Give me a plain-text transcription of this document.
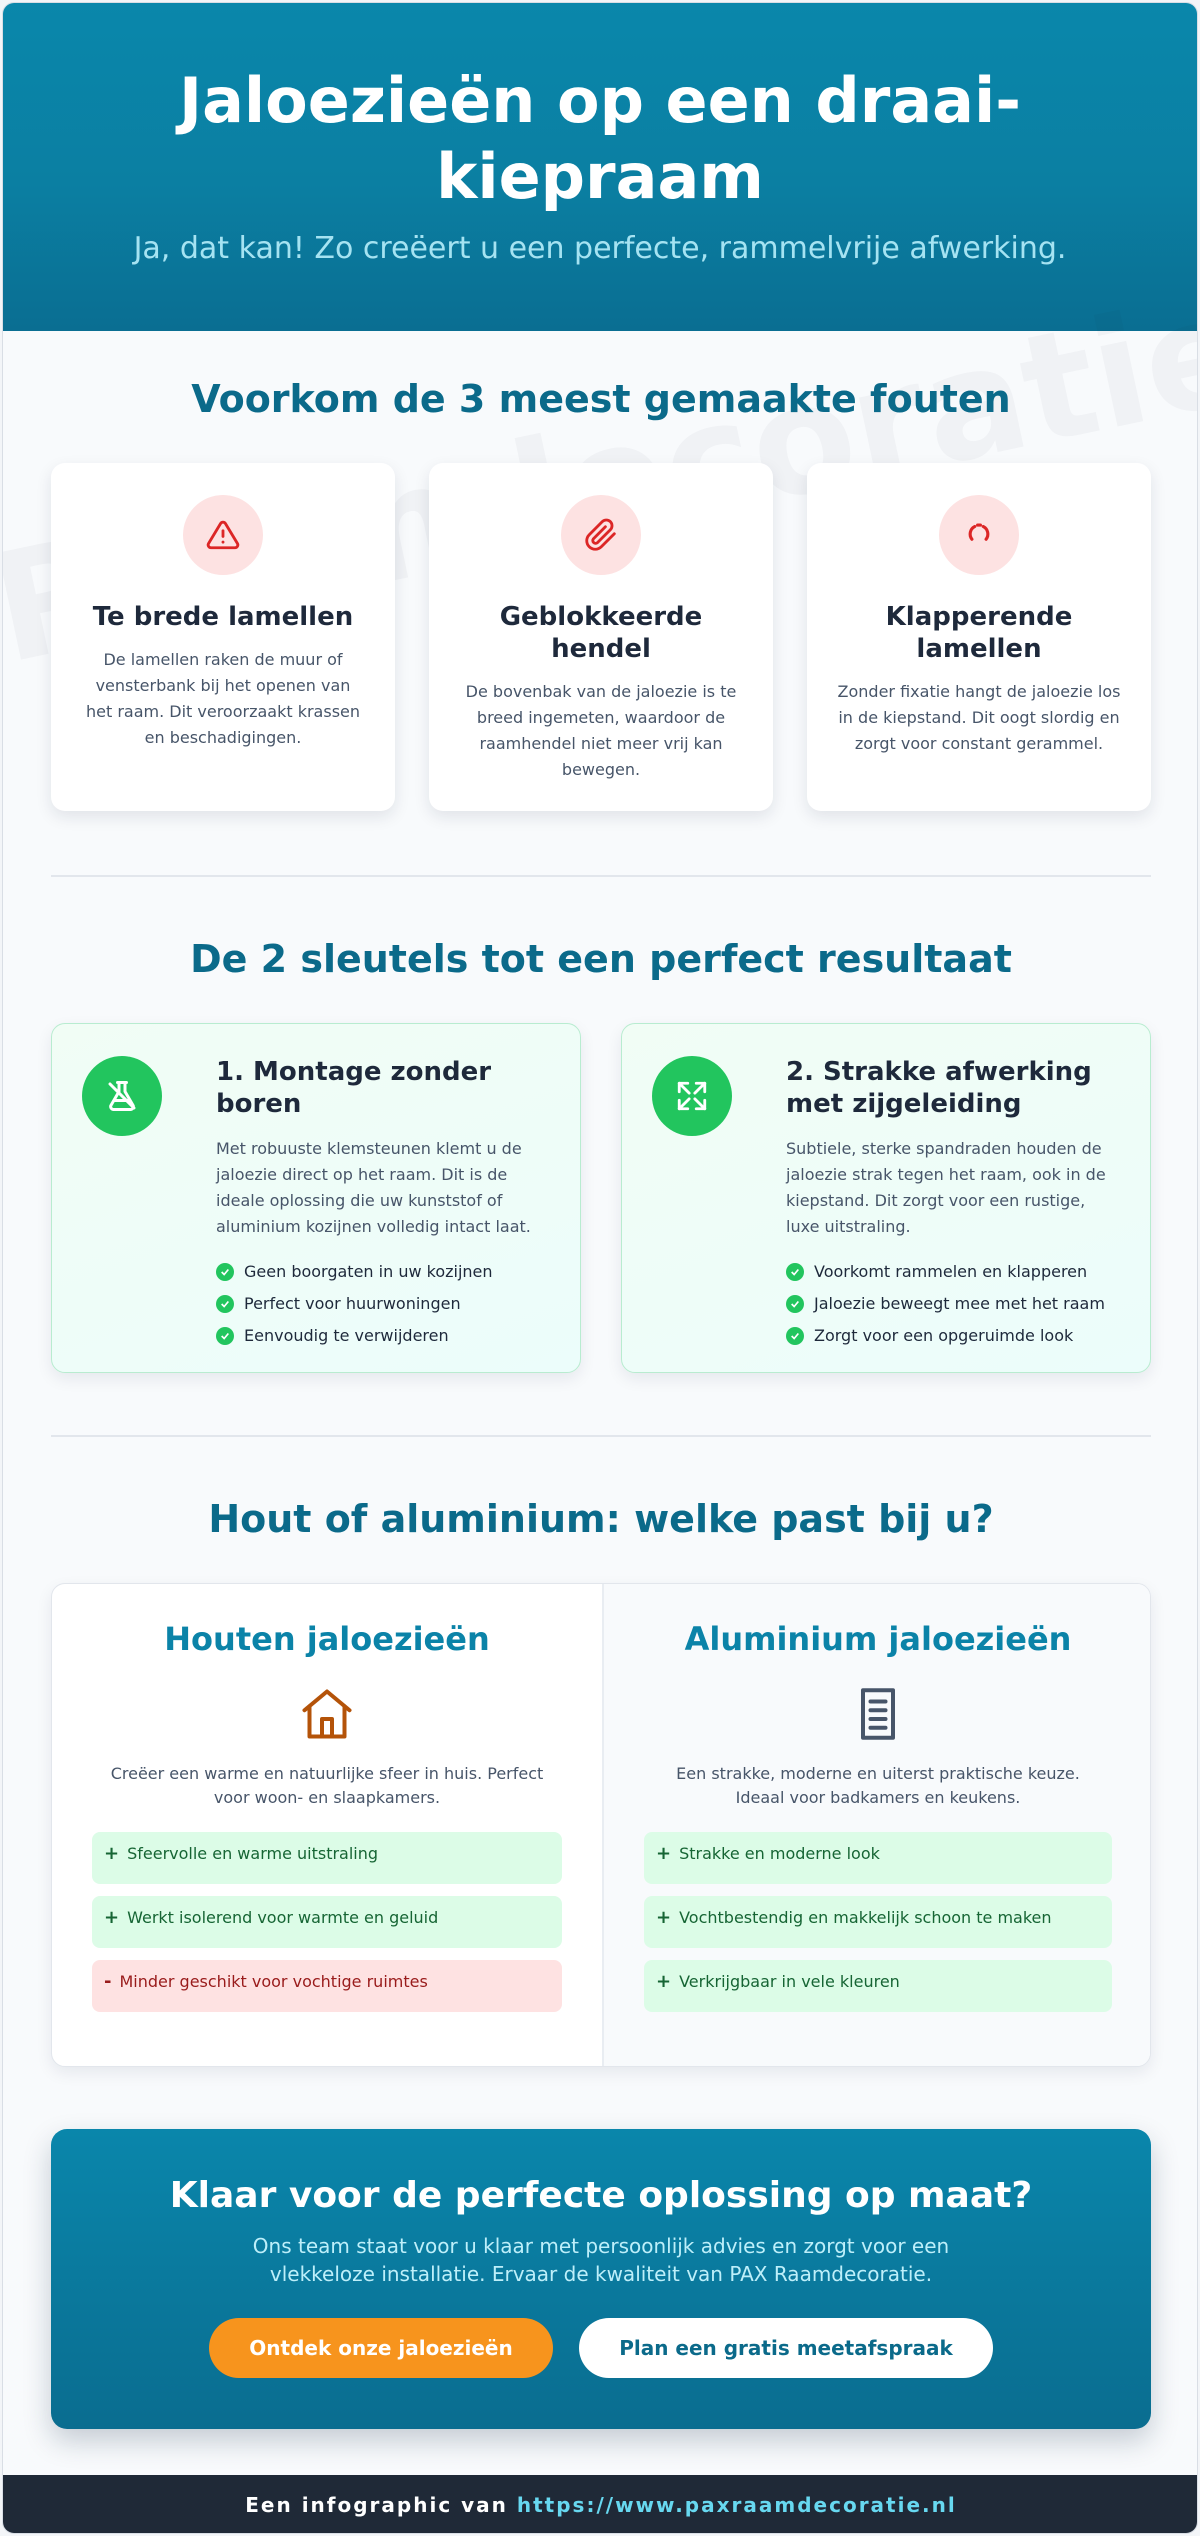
Jaloezieën op een draai-kiepraam

Ja, dat kan! Zo creëert u een perfecte, rammelvrije afwerking.

Voorkom de 3 meest gemaakte fouten
Te brede lamellen

De lamellen raken de muur of vensterbank bij het openen van het raam. Dit veroorzaakt krassen en beschadigingen.

Geblokkeerde hendel

De bovenbak van de jaloezie is te breed ingemeten, waardoor de raamhendel niet meer vrij kan bewegen.

Klapperende lamellen

Zonder fixatie hangt de jaloezie los in de kiepstand. Dit oogt slordig en zorgt voor constant gerammel.

De 2 sleutels tot een perfect resultaat
1. Montage zonder boren

Met robuuste klemsteunen klemt u de jaloezie direct op het raam. Dit is de ideale oplossing die uw kunststof of aluminium kozijnen volledig intact laat.

Geen boorgaten in uw kozijnen
Perfect voor huurwoningen
Eenvoudig te verwijderen
2. Strakke afwerking met zijgeleiding

Subtiele, sterke spandraden houden de jaloezie strak tegen het raam, ook in de kiepstand. Dit zorgt voor een rustige, luxe uitstraling.

Voorkomt rammelen en klapperen
Jaloezie beweegt mee met het raam
Zorgt voor een opgeruimde look
Hout of aluminium: welke past bij u?
Houten jaloezieën

Creëer een warme en natuurlijke sfeer in huis. Perfect voor woon- en slaapkamers.

+ Sfeervolle en warme uitstraling
+ Werkt isolerend voor warmte en geluid
- Minder geschikt voor vochtige ruimtes
Aluminium jaloezieën

Een strakke, moderne en uiterst praktische keuze. Ideaal voor badkamers en keukens.

+ Strakke en moderne look
+ Vochtbestendig en makkelijk schoon te maken
+ Verkrijgbaar in vele kleuren
Klaar voor de perfecte oplossing op maat?

Ons team staat voor u klaar met persoonlijk advies en zorgt voor een vlekkeloze installatie. Ervaar de kwaliteit van PAX Raamdecoratie.

Ontdek onze jaloezieën	Plan een gratis meetafspraak
Een infographic van https://www.paxraamdecoratie.nl
